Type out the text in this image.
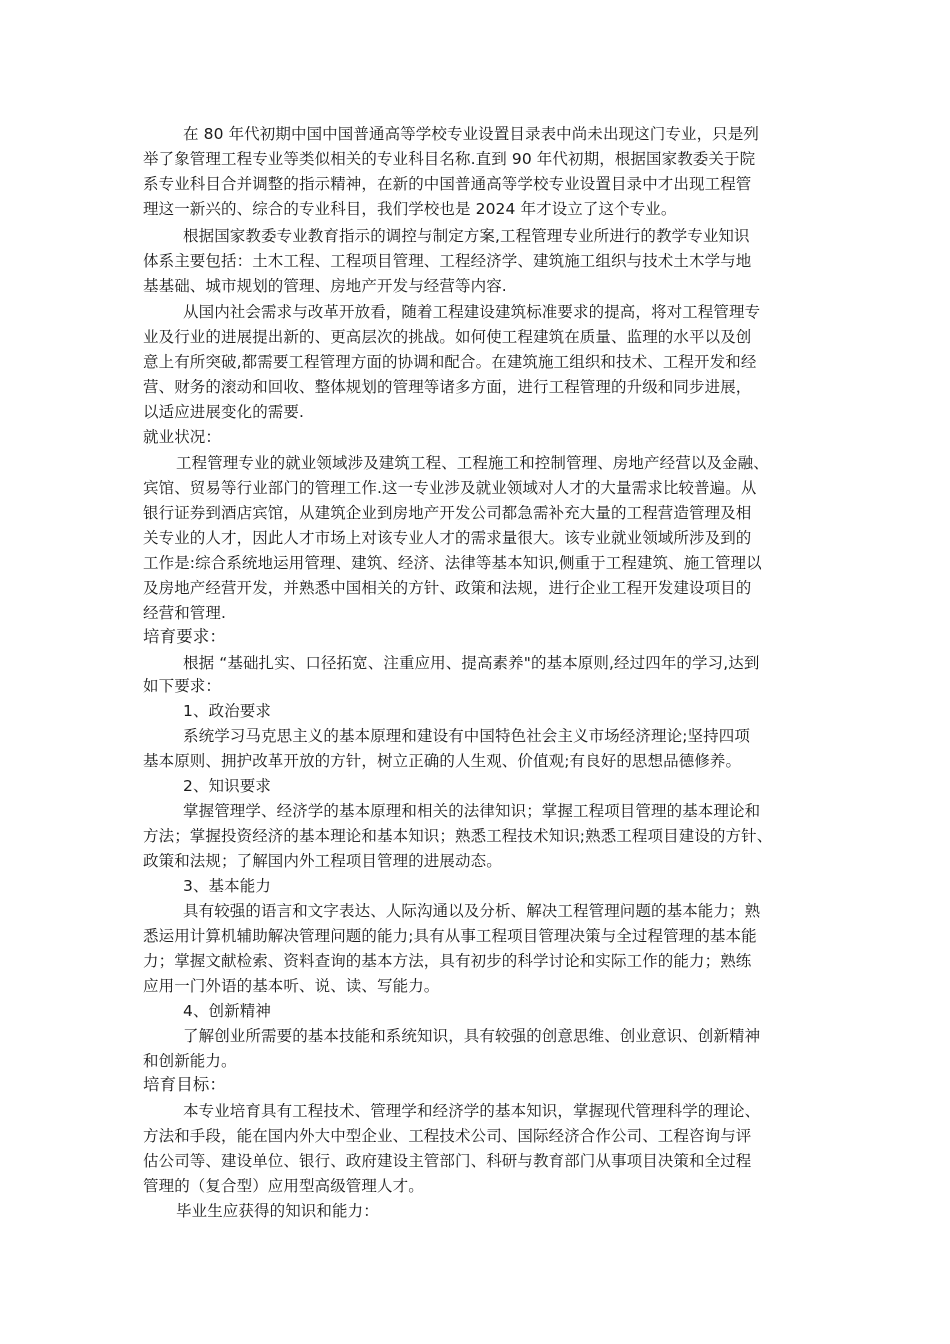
在 80 年代初期中国中国普通高等学校专业设置目录表中尚未出现这门专业，只是列
举了象管理工程专业等类似相关的专业科目名称.直到 90 年代初期，根据国家教委关于院
系专业科目合并调整的指示精神，在新的中国普通高等学校专业设置目录中才出现工程管
理这一新兴的、综合的专业科目，我们学校也是 2024 年才设立了这个专业。
根据国家教委专业教育指示的调控与制定方案,工程管理专业所进行的教学专业知识
体系主要包括：土木工程、工程项目管理、工程经济学、建筑施工组织与技术土木学与地
基基础、城市规划的管理、房地产开发与经营等内容.
从国内社会需求与改革开放看，随着工程建设建筑标准要求的提高，将对工程管理专
业及行业的进展提出新的、更高层次的挑战。如何使工程建筑在质量、监理的水平以及创
意上有所突破,都需要工程管理方面的协调和配合。在建筑施工组织和技术、工程开发和经
营、财务的滚动和回收、整体规划的管理等诸多方面，进行工程管理的升级和同步进展，
以适应进展变化的需要.
就业状况：
工程管理专业的就业领域涉及建筑工程、工程施工和控制管理、房地产经营以及金融、
宾馆、贸易等行业部门的管理工作.这一专业涉及就业领域对人才的大量需求比较普遍。从
银行证券到酒店宾馆，从建筑企业到房地产开发公司都急需补充大量的工程营造管理及相
关专业的人才，因此人才市场上对该专业人才的需求量很大。该专业就业领域所涉及到的
工作是:综合系统地运用管理、建筑、经济、法律等基本知识,侧重于工程建筑、施工管理以
及房地产经营开发，并熟悉中国相关的方针、政策和法规，进行企业工程开发建设项目的
经营和管理.
培育要求：
根据 “基础扎实、口径拓宽、注重应用、提高素养"的基本原则,经过四年的学习,达到
如下要求：
1、政治要求
系统学习马克思主义的基本原理和建设有中国特色社会主义市场经济理论;坚持四项
基本原则、拥护改革开放的方针，树立正确的人生观、价值观;有良好的思想品德修养。
2、知识要求
掌握管理学、经济学的基本原理和相关的法律知识；掌握工程项目管理的基本理论和
方法；掌握投资经济的基本理论和基本知识；熟悉工程技术知识;熟悉工程项目建设的方针、
政策和法规；了解国内外工程项目管理的进展动态。
3、基本能力
具有较强的语言和文字表达、人际沟通以及分析、解决工程管理问题的基本能力；熟
悉运用计算机辅助解决管理问题的能力;具有从事工程项目管理决策与全过程管理的基本能
力；掌握文献检索、资料查询的基本方法，具有初步的科学讨论和实际工作的能力；熟练
应用一门外语的基本听、说、读、写能力。
4、创新精神
了解创业所需要的基本技能和系统知识，具有较强的创意思维、创业意识、创新精神
和创新能力。
培育目标：
本专业培育具有工程技术、管理学和经济学的基本知识，掌握现代管理科学的理论、
方法和手段，能在国内外大中型企业、工程技术公司、国际经济合作公司、工程咨询与评
估公司等、建设单位、银行、政府建设主管部门、科研与教育部门从事项目决策和全过程
管理的（复合型）应用型高级管理人才。
毕业生应获得的知识和能力：
